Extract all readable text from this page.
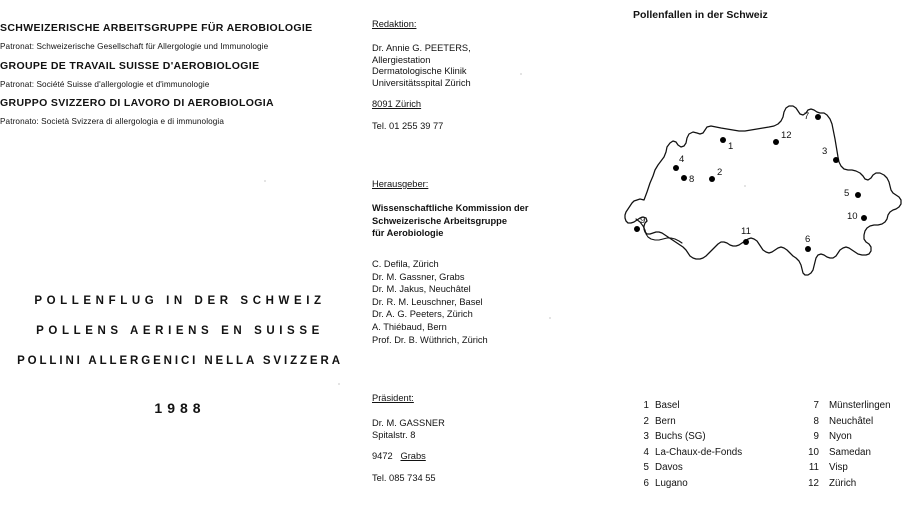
SCHWEIZERISCHE ARBEITSGRUPPE FÜR AEROBIOLOGIE
Patronat: Schweizerische Gesellschaft für Allergologie und Immunologie
GROUPE DE TRAVAIL SUISSE D'AEROBIOLOGIE
Patronat: Société Suisse d'allergologie et d'immunologie
GRUPPO SVIZZERO DI LAVORO DI AEROBIOLOGIA
Patronato: Società Svizzera di allergologia e di immunologia
POLLENFLUG IN DER SCHWEIZ
POLLENS AERIENS EN SUISSE
POLLINI ALLERGENICI NELLA SVIZZERA
1988
Redaktion:
Dr. Annie G. PEETERS,
Allergiestation
Dermatologische Klinik
Universitätsspital Zürich
8091 Zürich
Tel. 01 255 39 77
Herausgeber:
Wissenschaftliche Kommission der
Schweizerische Arbeitsgruppe
für Aerobiologie
C. Defila, Zürich
Dr. M. Gassner, Grabs
Dr. M. Jakus, Neuchâtel
Dr. R. M. Leuschner, Basel
Dr. A. G. Peeters, Zürich
A. Thiébaud, Bern
Prof. Dr. B. Wüthrich, Zürich
Präsident:
Dr. M. GASSNER
Spitalstr. 8
9472 Grabs
Tel. 085 734 55
Pollenfallen in der Schweiz
1
2
3
4
5
6
7
8
9	10
11
12
1 Basel
2 Bern
3 Buchs (SG)
4 La-Chaux-de-Fonds
5 Davos
6 Lugano
7 Münsterlingen
8 Neuchâtel
9 Nyon
10 Samedan
11 Visp
12 Zürich
